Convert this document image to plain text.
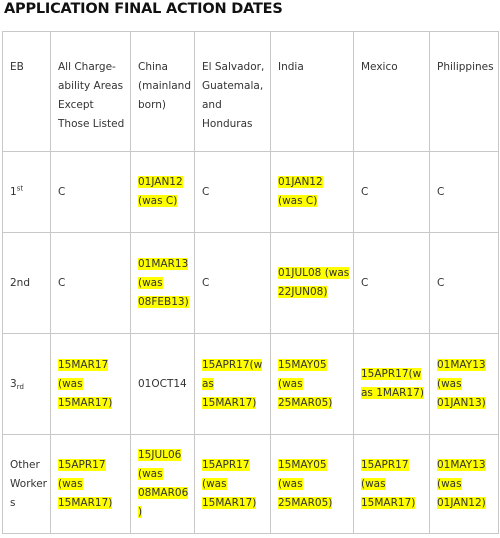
APPLICATION FINAL ACTION DATES
EB	All Charge-ability Areas Except Those Listed	China (mainland born)	El Salvador, Guatemala, and Honduras	India	Mexico	Philippines
1st	C	01JAN12 (was C)	C	01JAN12 (was C)	C	C
2nd	C	01MAR13 (was 08FEB13)	C	01JUL08 (was 22JUN08)	C	C
$3_{rd}$	15MAR17 (was 15MAR17)	01OCT14	15APR17(was 15MAR17)	15MAY05 (was 25MAR05)	15APR17(was 1MAR17)	01MAY13 (was 01JAN13)
Other Workers	15APR17 (was 15MAR17)	15JUL06 (was 08MAR06)	15APR17 (was 15MAR17)	15MAY05 (was 25MAR05)	15APR17 (was 15MAR17)	01MAY13 (was 01JAN12)
